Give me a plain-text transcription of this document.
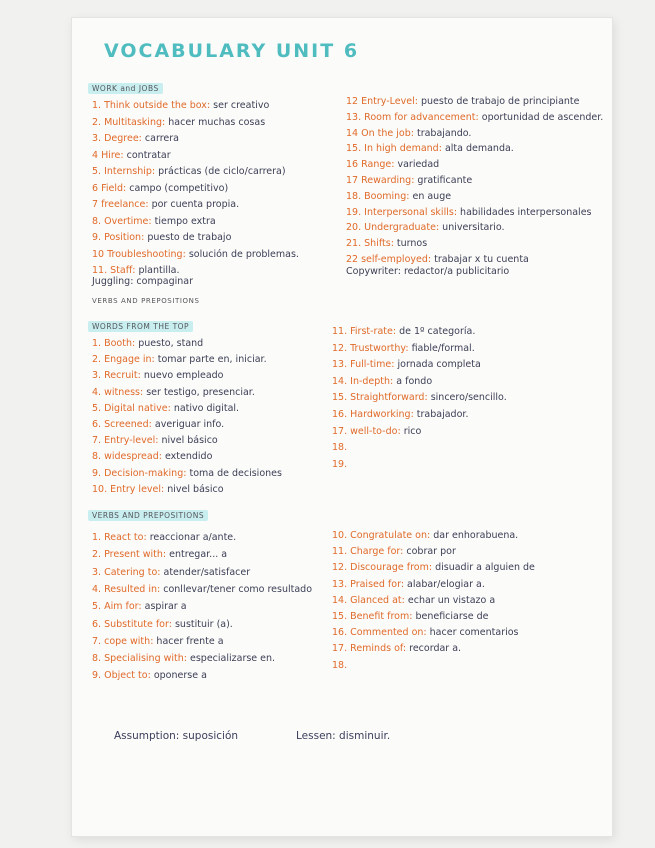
VOCABULARY UNIT 6
WORK and JOBS
1. Think outside the box: ser creativo
2. Multitasking: hacer muchas cosas
3. Degree: carrera
4 Hire: contratar
5. Internship: prácticas (de ciclo/carrera)
6 Field: campo (competitivo)
7 freelance: por cuenta propia.
8. Overtime: tiempo extra
9. Position: puesto de trabajo
10 Troubleshooting: solución de problemas.
11. Staff: plantilla.
12 Entry-Level: puesto de trabajo de principiante
13. Room for advancement: oportunidad de ascender.
14 On the job: trabajando.
15. In high demand: alta demanda.
16 Range: variedad
17 Rewarding: gratificante
18. Booming: en auge
19. Interpersonal skills: habilidades interpersonales
20. Undergraduate: universitario.
21. Shifts: turnos
22 self-employed: trabajar x tu cuenta
Juggling: compaginar
Copywriter: redactor/a publicitario
VERBS AND PREPOSITIONS
WORDS FROM THE TOP
1. Booth: puesto, stand
2. Engage in: tomar parte en, iniciar.
3. Recruit: nuevo empleado
4. witness: ser testigo, presenciar.
5. Digital native: nativo digital.
6. Screened: averiguar info.
7. Entry-level: nivel básico
8. widespread: extendido
9. Decision-making: toma de decisiones
10. Entry level: nivel básico
11. First-rate: de 1º categoría.
12. Trustworthy: fiable/formal.
13. Full-time: jornada completa
14. In-depth: a fondo
15. Straightforward: sincero/sencillo.
16. Hardworking: trabajador.
17. well-to-do: rico
18.
19.
VERBS AND PREPOSITIONS
1. React to: reaccionar a/ante.
2. Present with: entregar... a
3. Catering to: atender/satisfacer
4. Resulted in: conllevar/tener como resultado
5. Aim for: aspirar a
6. Substitute for: sustituir (a).
7. cope with: hacer frente a
8. Specialising with: especializarse en.
9. Object to: oponerse a
10. Congratulate on: dar enhorabuena.
11. Charge for: cobrar por
12. Discourage from: disuadir a alguien de
13. Praised for: alabar/elogiar a.
14. Glanced at: echar un vistazo a
15. Benefit from: beneficiarse de
16. Commented on: hacer comentarios
17. Reminds of: recordar a.
18.
Assumption: suposición	Lessen: disminuir.
